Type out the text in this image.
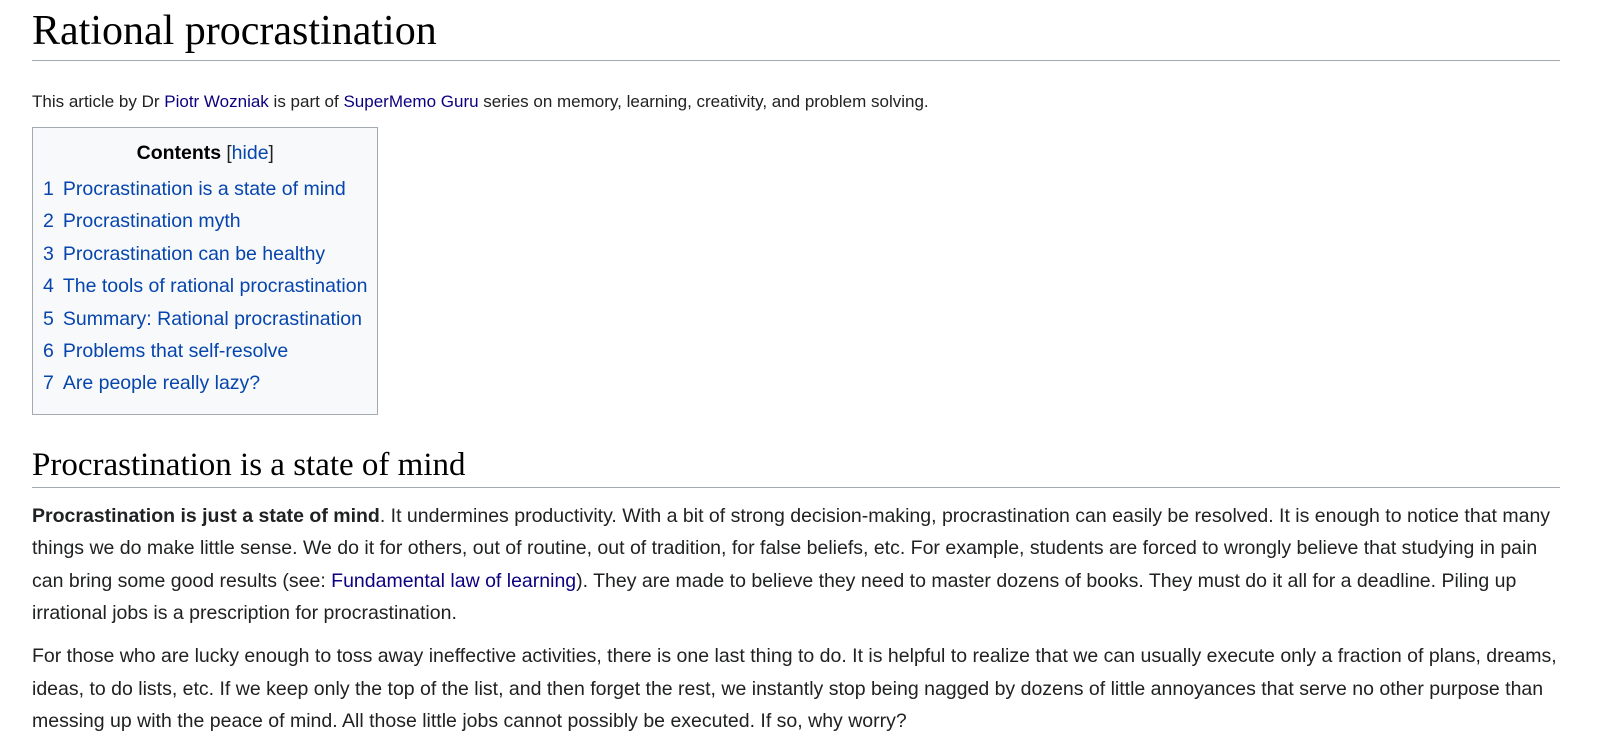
Rational procrastination
This article by Dr Piotr Wozniak is part of SuperMemo Guru series on memory, learning, creativity, and problem solving.
Contents [hide]
1 Procrastination is a state of mind
2 Procrastination myth
3 Procrastination can be healthy
4 The tools of rational procrastination
5 Summary: Rational procrastination
6 Problems that self-resolve
7 Are people really lazy?
Procrastination is a state of mind

Procrastination is just a state of mind. It undermines productivity. With a bit of strong decision-making, procrastination can easily be resolved. It is enough to notice that many things we do make little sense. We do it for others, out of routine, out of tradition, for false beliefs, etc. For example, students are forced to wrongly believe that studying in pain can bring some good results (see: Fundamental law of learning). They are made to believe they need to master dozens of books. They must do it all for a deadline. Piling up irrational jobs is a prescription for procrastination.

For those who are lucky enough to toss away ineffective activities, there is one last thing to do. It is helpful to realize that we can usually execute only a fraction of plans, dreams, ideas, to do lists, etc. If we keep only the top of the list, and then forget the rest, we instantly stop being nagged by dozens of little annoyances that serve no other purpose than messing up with the peace of mind. All those little jobs cannot possibly be executed. If so, why worry?
